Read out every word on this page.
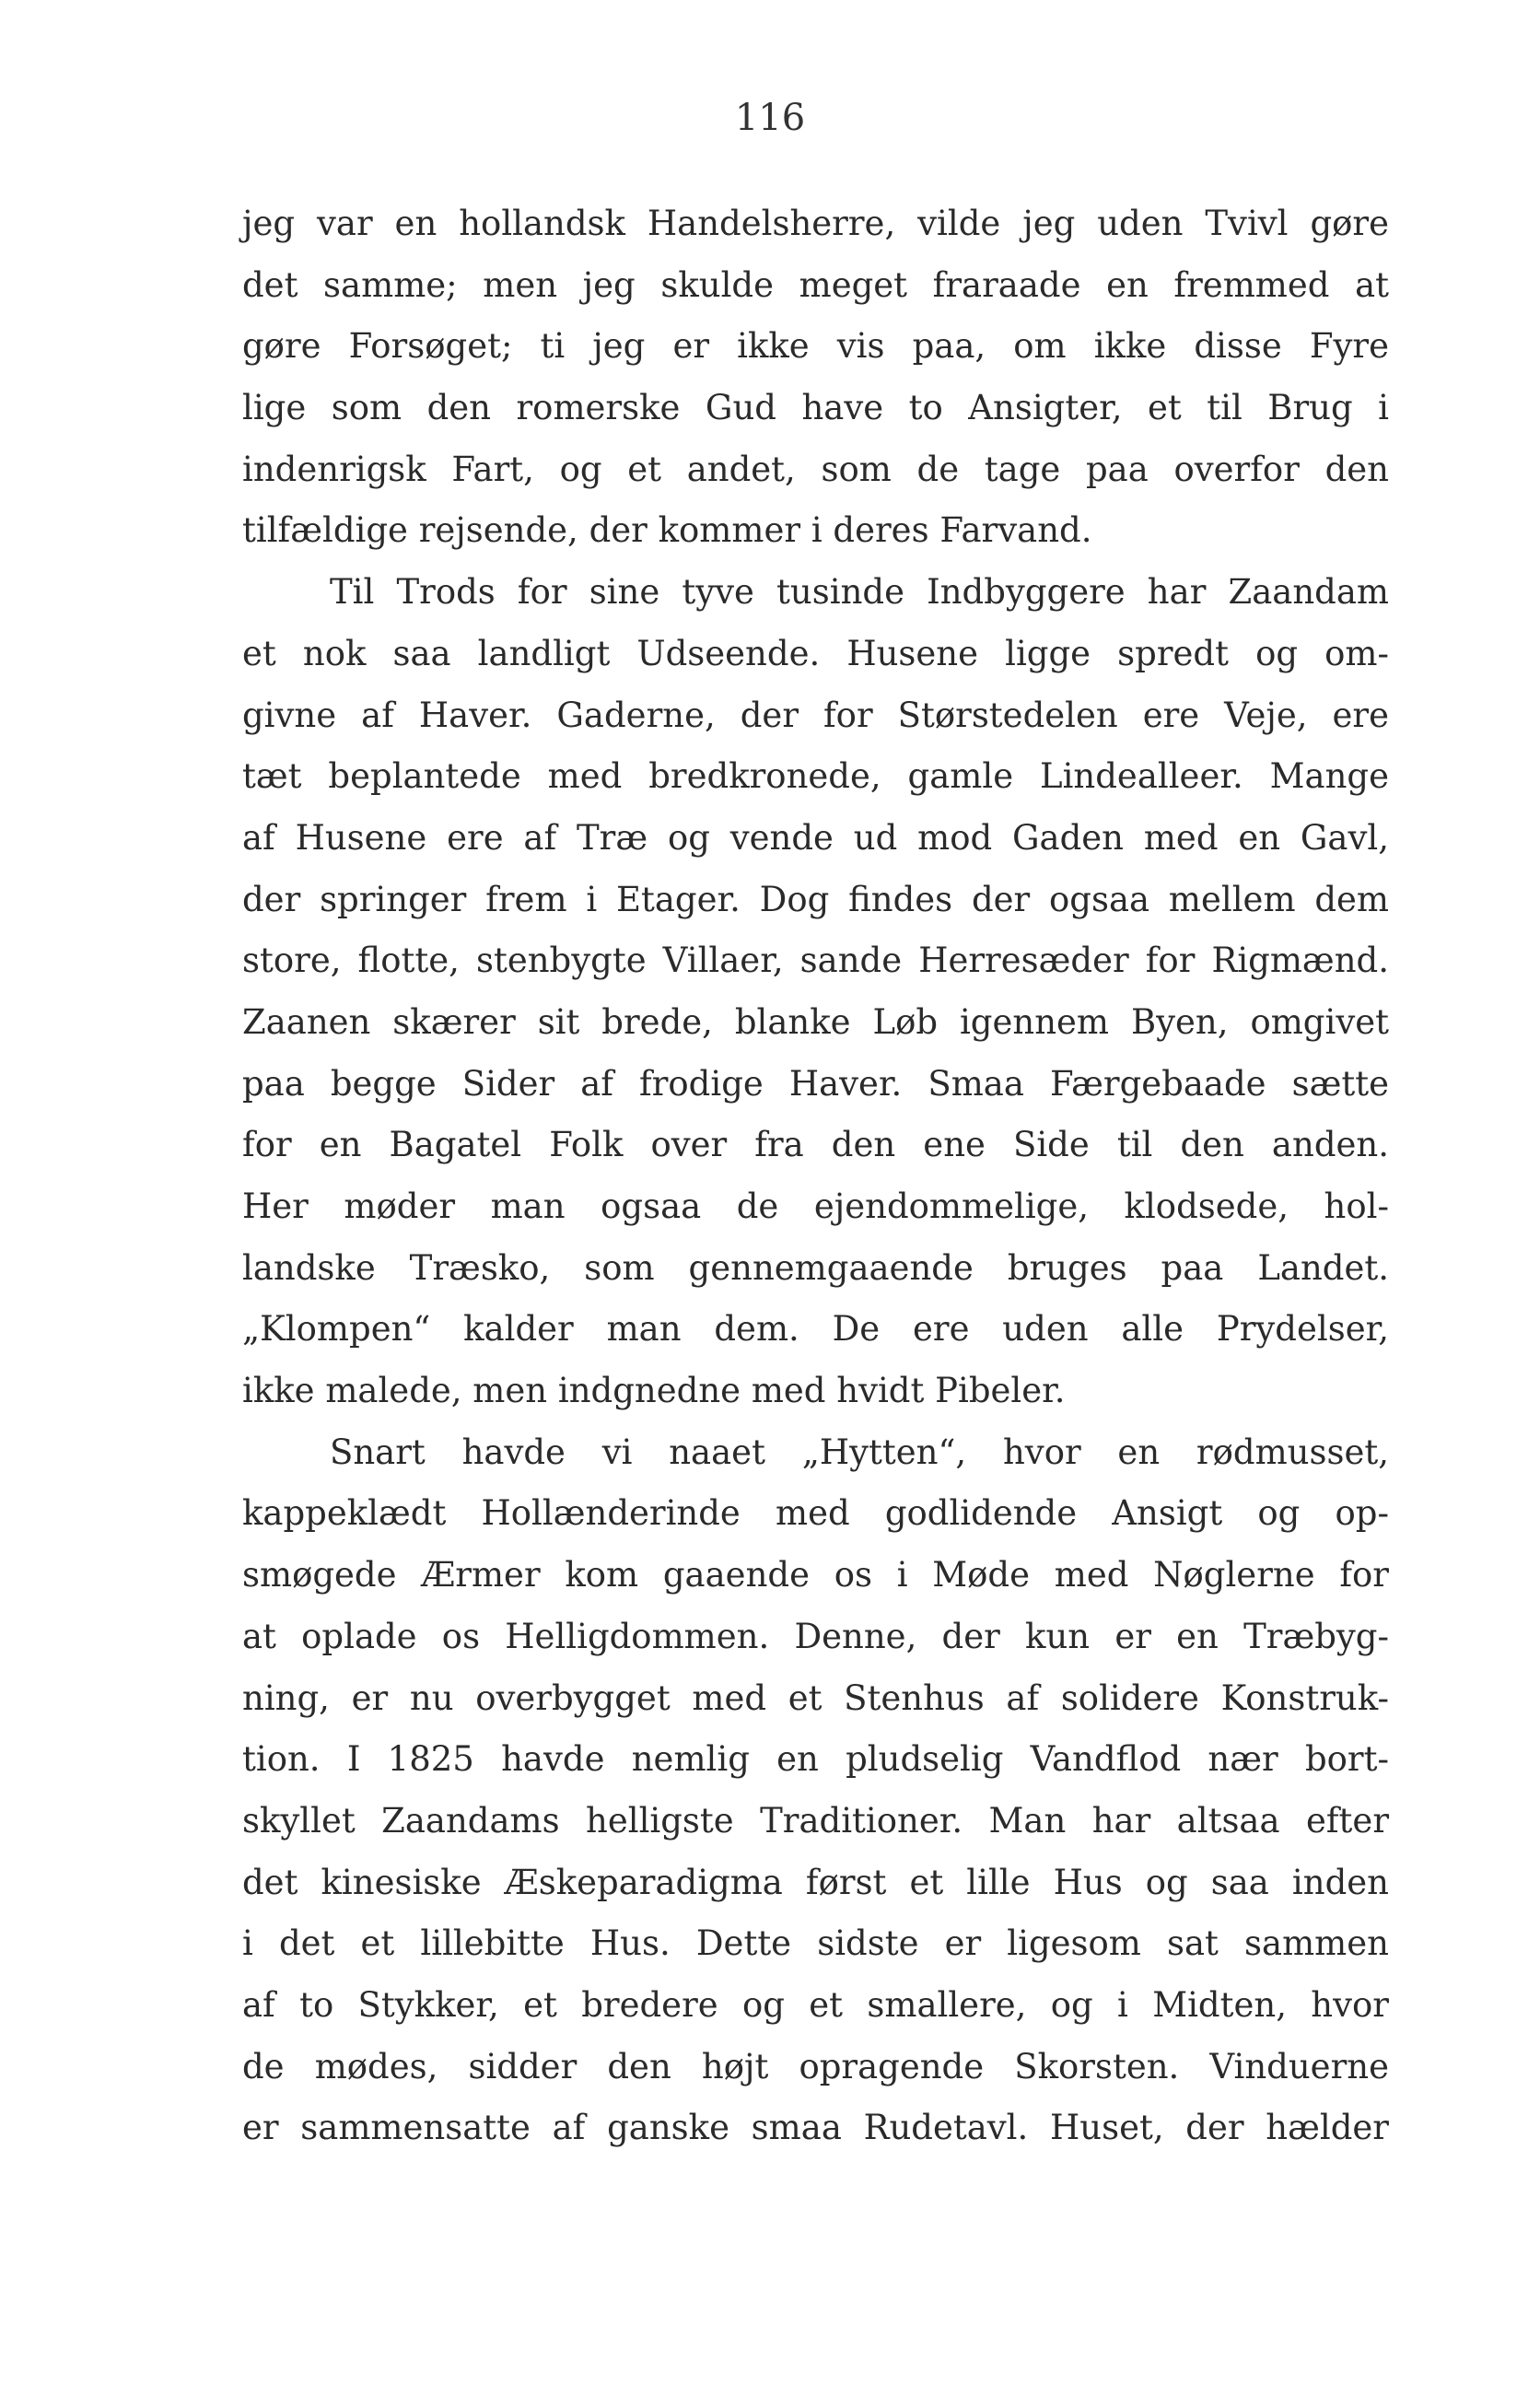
116
jeg var en hollandsk Handelsherre, vilde jeg uden Tvivl gøre
det samme; men jeg skulde meget fraraade en fremmed at
gøre Forsøget; ti jeg er ikke vis paa, om ikke disse Fyre
lige som den romerske Gud have to Ansigter, et til Brug i
indenrigsk Fart, og et andet, som de tage paa overfor den
tilfældige rejsende, der kommer i deres Farvand.
Til Trods for sine tyve tusinde Indbyggere har Zaandam
et nok saa landligt Udseende. Husene ligge spredt og om-
givne af Haver. Gaderne, der for Størstedelen ere Veje, ere
tæt beplantede med bredkronede, gamle Lindealleer. Mange
af Husene ere af Træ og vende ud mod Gaden med en Gavl,
der springer frem i Etager. Dog findes der ogsaa mellem dem
store, flotte, stenbygte Villaer, sande Herresæder for Rigmænd.
Zaanen skærer sit brede, blanke Løb igennem Byen, omgivet
paa begge Sider af frodige Haver. Smaa Færgebaade sætte
for en Bagatel Folk over fra den ene Side til den anden.
Her møder man ogsaa de ejendommelige, klodsede, hol-
landske Træsko, som gennemgaaende bruges paa Landet.
„Klompen“ kalder man dem. De ere uden alle Prydelser,
ikke malede, men indgnedne med hvidt Pibeler.
Snart havde vi naaet „Hytten“, hvor en rødmusset,
kappeklædt Hollænderinde med godlidende Ansigt og op-
smøgede Ærmer kom gaaende os i Møde med Nøglerne for
at oplade os Helligdommen. Denne, der kun er en Træbyg-
ning, er nu overbygget med et Stenhus af solidere Konstruk-
tion. I 1825 havde nemlig en pludselig Vandflod nær bort-
skyllet Zaandams helligste Traditioner. Man har altsaa efter
det kinesiske Æskeparadigma først et lille Hus og saa inden
i det et lillebitte Hus. Dette sidste er ligesom sat sammen
af to Stykker, et bredere og et smallere, og i Midten, hvor
de mødes, sidder den højt opragende Skorsten. Vinduerne
er sammensatte af ganske smaa Rudetavl. Huset, der hælder
